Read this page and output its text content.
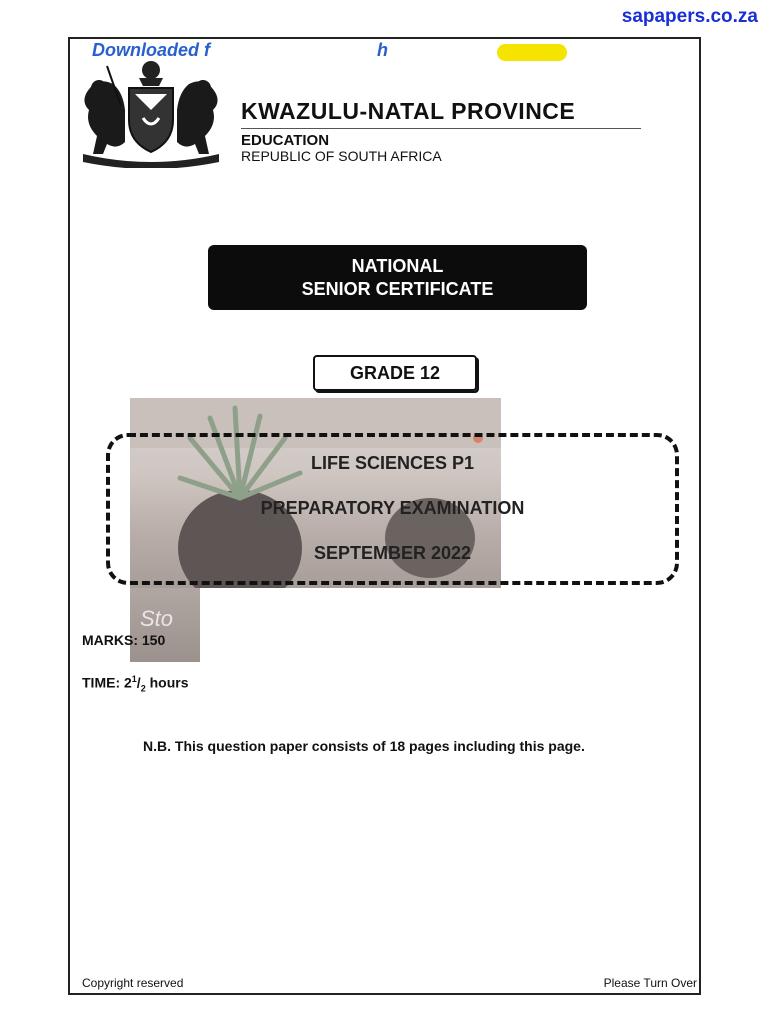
sapapers.co.za
Downloaded f	h
KWAZULU-NATAL PROVINCE
EDUCATION
REPUBLIC OF SOUTH AFRICA
NATIONAL
SENIOR CERTIFICATE
GRADE 12
Sto
LIFE SCIENCES P1
PREPARATORY EXAMINATION
SEPTEMBER 2022
MARKS: 150
TIME: $2^1/_2$ hours
N.B. This question paper consists of 18 pages including this page.
Copyright reserved	Please Turn Over
